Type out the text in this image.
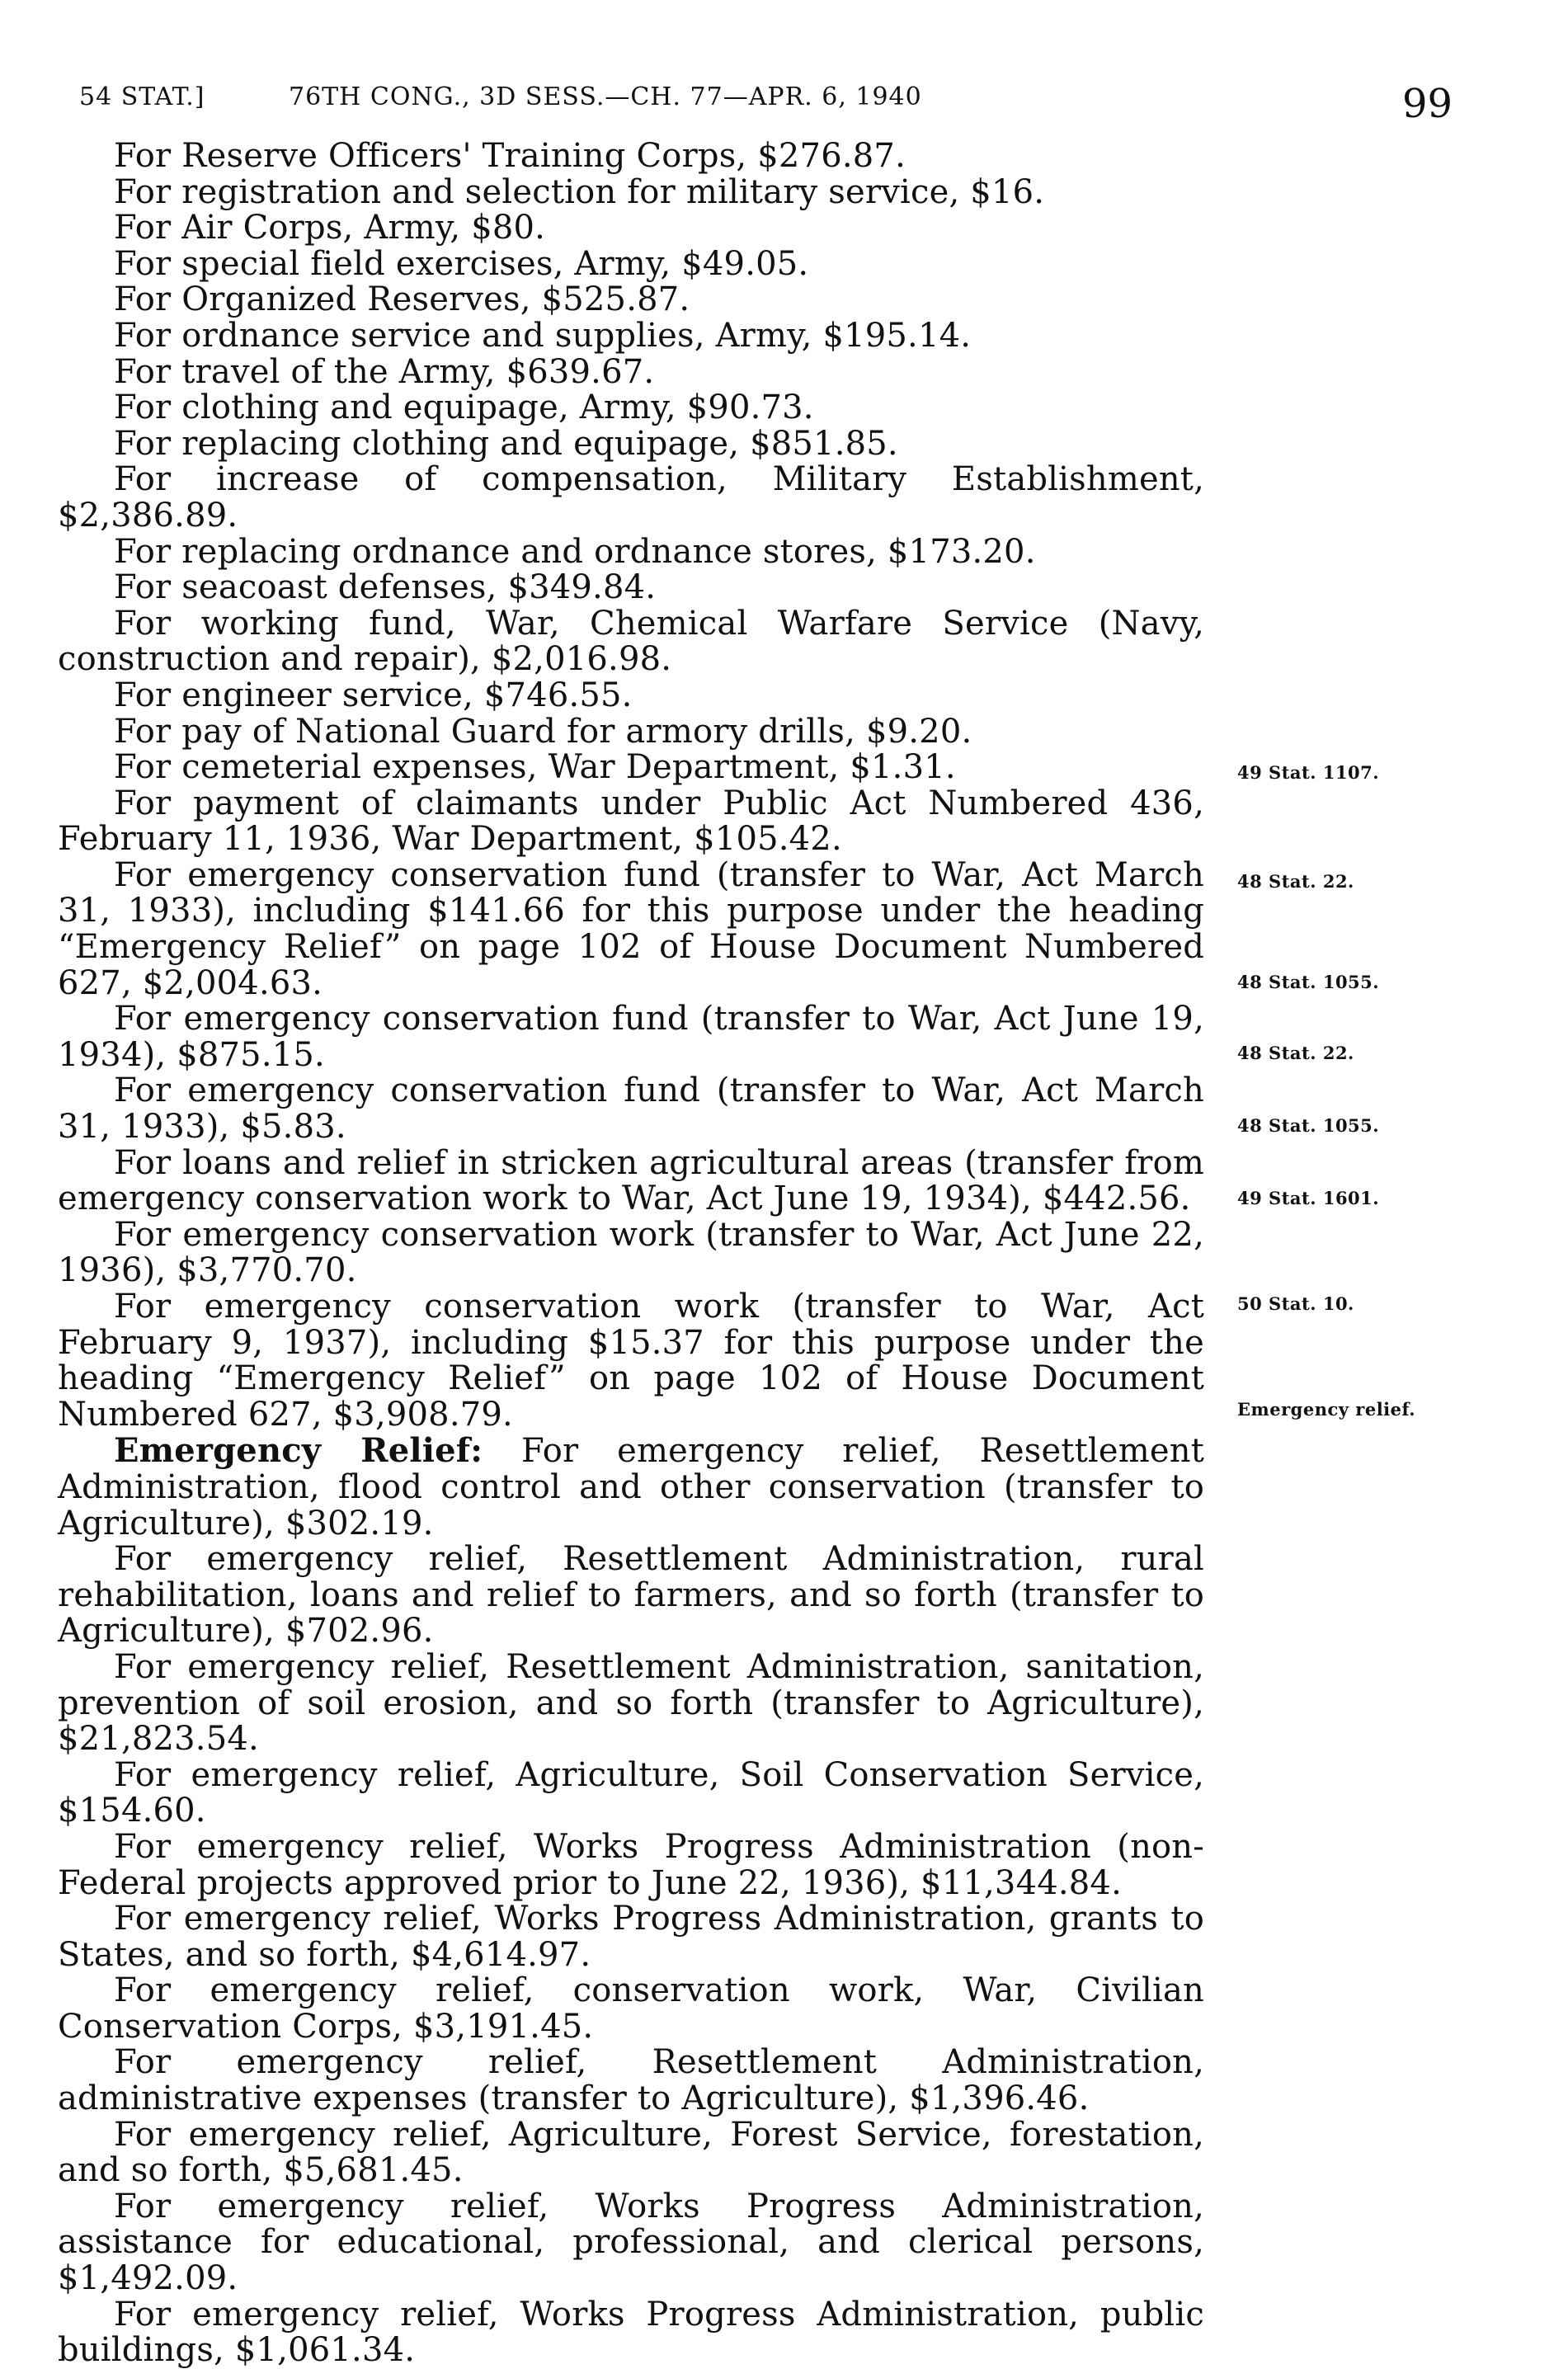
54 STAT.]	76TH CONG., 3D SESS.—CH. 77—APR. 6, 1940	99

For Reserve Officers' Training Corps, $276.87.

For registration and selection for military service, $16.

For Air Corps, Army, $80.

For special field exercises, Army, $49.05.

For Organized Reserves, $525.87.

For ordnance service and supplies, Army, $195.14.

For travel of the Army, $639.67.

For clothing and equipage, Army, $90.73.

For replacing clothing and equipage, $851.85.

For increase of compensation, Military Establishment, $2,386.89.

For replacing ordnance and ordnance stores, $173.20.

For seacoast defenses, $349.84.

For working fund, War, Chemical Warfare Service (Navy, construction and repair), $2,016.98.

For engineer service, $746.55.

For pay of National Guard for armory drills, $9.20.

For cemeterial expenses, War Department, $1.31.

For payment of claimants under Public Act Numbered 436, February 11, 1936, War Department, $105.42.

For emergency conservation fund (transfer to War, Act March 31, 1933), including $141.66 for this purpose under the heading “Emergency Relief” on page 102 of House Document Numbered 627, $2,004.63.

For emergency conservation fund (transfer to War, Act June 19, 1934), $875.15.

For emergency conservation fund (transfer to War, Act March 31, 1933), $5.83.

For loans and relief in stricken agricultural areas (transfer from emergency conservation work to War, Act June 19, 1934), $442.56.

For emergency conservation work (transfer to War, Act June 22, 1936), $3,770.70.

For emergency conservation work (transfer to War, Act February 9, 1937), including $15.37 for this purpose under the heading “Emergency Relief” on page 102 of House Document Numbered 627, $3,908.79.

Emergency Relief: For emergency relief, Resettlement Administration, flood control and other conservation (transfer to Agriculture), $302.19.

For emergency relief, Resettlement Administration, rural rehabilitation, loans and relief to farmers, and so forth (transfer to Agriculture), $702.96.

For emergency relief, Resettlement Administration, sanitation, prevention of soil erosion, and so forth (transfer to Agriculture), $21,823.54.

For emergency relief, Agriculture, Soil Conservation Service, $154.60.

For emergency relief, Works Progress Administration (non-Federal projects approved prior to June 22, 1936), $11,344.84.

For emergency relief, Works Progress Administration, grants to States, and so forth, $4,614.97.

For emergency relief, conservation work, War, Civilian Conservation Corps, $3,191.45.

For emergency relief, Resettlement Administration, administrative expenses (transfer to Agriculture), $1,396.46.

For emergency relief, Agriculture, Forest Service, forestation, and so forth, $5,681.45.

For emergency relief, Works Progress Administration, assistance for educational, professional, and clerical persons, $1,492.09.

For emergency relief, Works Progress Administration, public buildings, $1,061.34.

49 Stat. 1107.
48 Stat. 22.
48 Stat. 1055.
48 Stat. 22.
48 Stat. 1055.
49 Stat. 1601.
50 Stat. 10.
Emergency relief.
